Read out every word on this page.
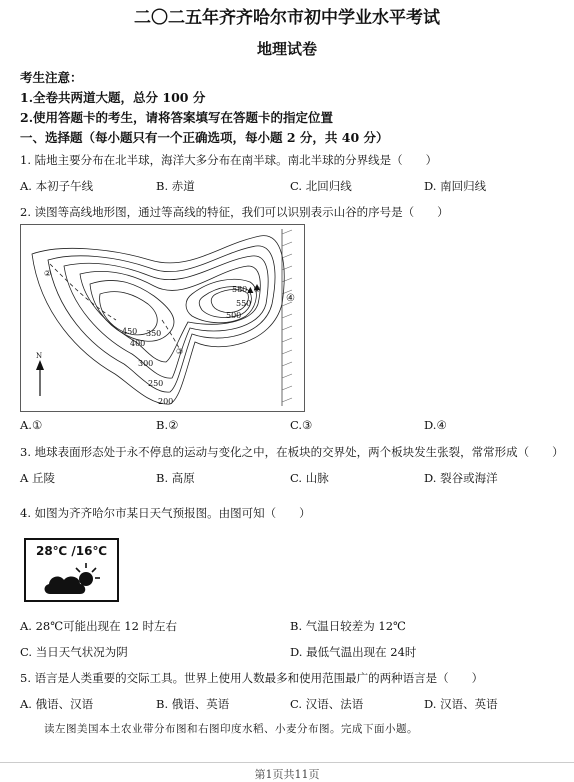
二〇二五年齐齐哈尔市初中学业水平考试
地理试卷
考生注意：
1.全卷共两道大题，总分 100 分
2.使用答题卡的考生，请将答案填写在答题卡的指定位置
一、选择题（每小题只有一个正确选项，每小题 2 分，共 40 分）
1. 陆地主要分布在北半球，海洋大多分布在南半球。南北半球的分界线是（　　）
A. 本初子午线	B. 赤道	C. 北回归线	D. 南回归线
2. 读图等高线地形图，通过等高线的特征，我们可以识别表示山谷的序号是（　　）
580▲①
550
500
450
400
350
300
250
200
②
③
④
N
A.①	B.②	C.③	D.④
3. 地球表面形态处于永不停息的运动与变化之中，在板块的交界处，两个板块发生张裂，常常形成（　　）
A 丘陵	B. 高原	C. 山脉	D. 裂谷或海洋
4. 如图为齐齐哈尔市某日天气预报图。由图可知（　　）
28℃ /16℃
A. 28℃可能出现在 12 时左右	B. 气温日较差为 12℃
C. 当日天气状况为阴	D. 最低气温出现在 24时
5. 语言是人类重要的交际工具。世界上使用人数最多和使用范围最广的两种语言是（　　）
A. 俄语、汉语	B. 俄语、英语	C. 汉语、法语	D. 汉语、英语
读左图美国本土农业带分布图和右图印度水稻、小麦分布图。完成下面小题。
第1页共11页
